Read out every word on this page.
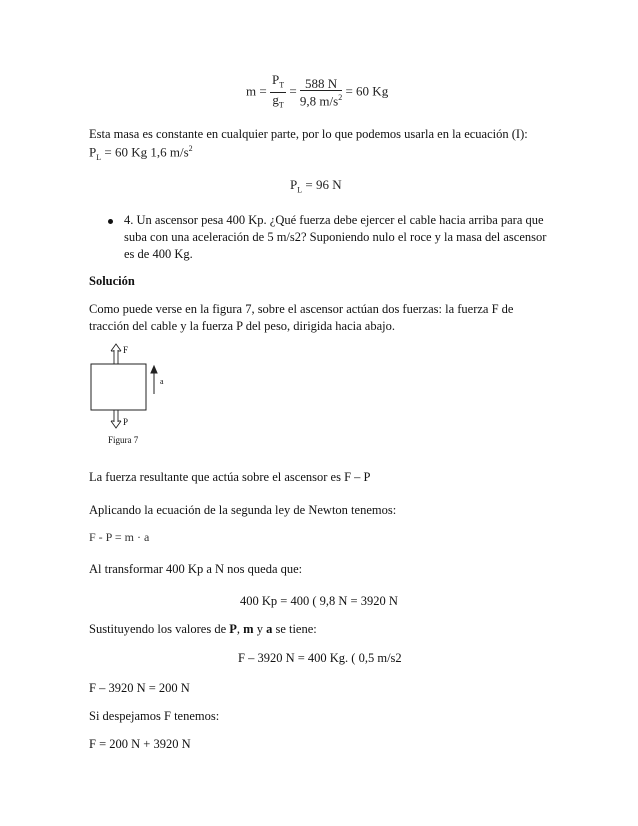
$m = \frac{P_T}{g_T} = \frac{588 N}{9,8 m/s^2} = 60$ Kg
Esta masa es constante en cualquier parte, por lo que podemos usarla en la ecuación (I):
$P_L = 60$ Kg 1,6 $m/s^2$
$P_L = 96$ N
4. Un ascensor pesa 400 Kp. ¿Qué fuerza debe ejercer el cable hacia arriba para que
suba con una aceleración de 5 m/s2? Suponiendo nulo el roce y la masa del ascensor
es de 400 Kg.
Solución
Como puede verse en la figura 7, sobre el ascensor actúan dos fuerzas: la fuerza F de
tracción del cable y la fuerza P del peso, dirigida hacia abajo.
F
a
P
Figura 7
La fuerza resultante que actúa sobre el ascensor es F – P
Aplicando la ecuación de la segunda ley de Newton tenemos:
F - P = m · a
Al transformar 400 Kp a N nos queda que:
400 Kp = 400 ( 9,8 N = 3920 N
Sustituyendo los valores de P, m y a se tiene:
F – 3920 N = 400 Kg. ( 0,5 m/s2
F – 3920 N = 200 N
Si despejamos F tenemos:
F = 200 N + 3920 N
